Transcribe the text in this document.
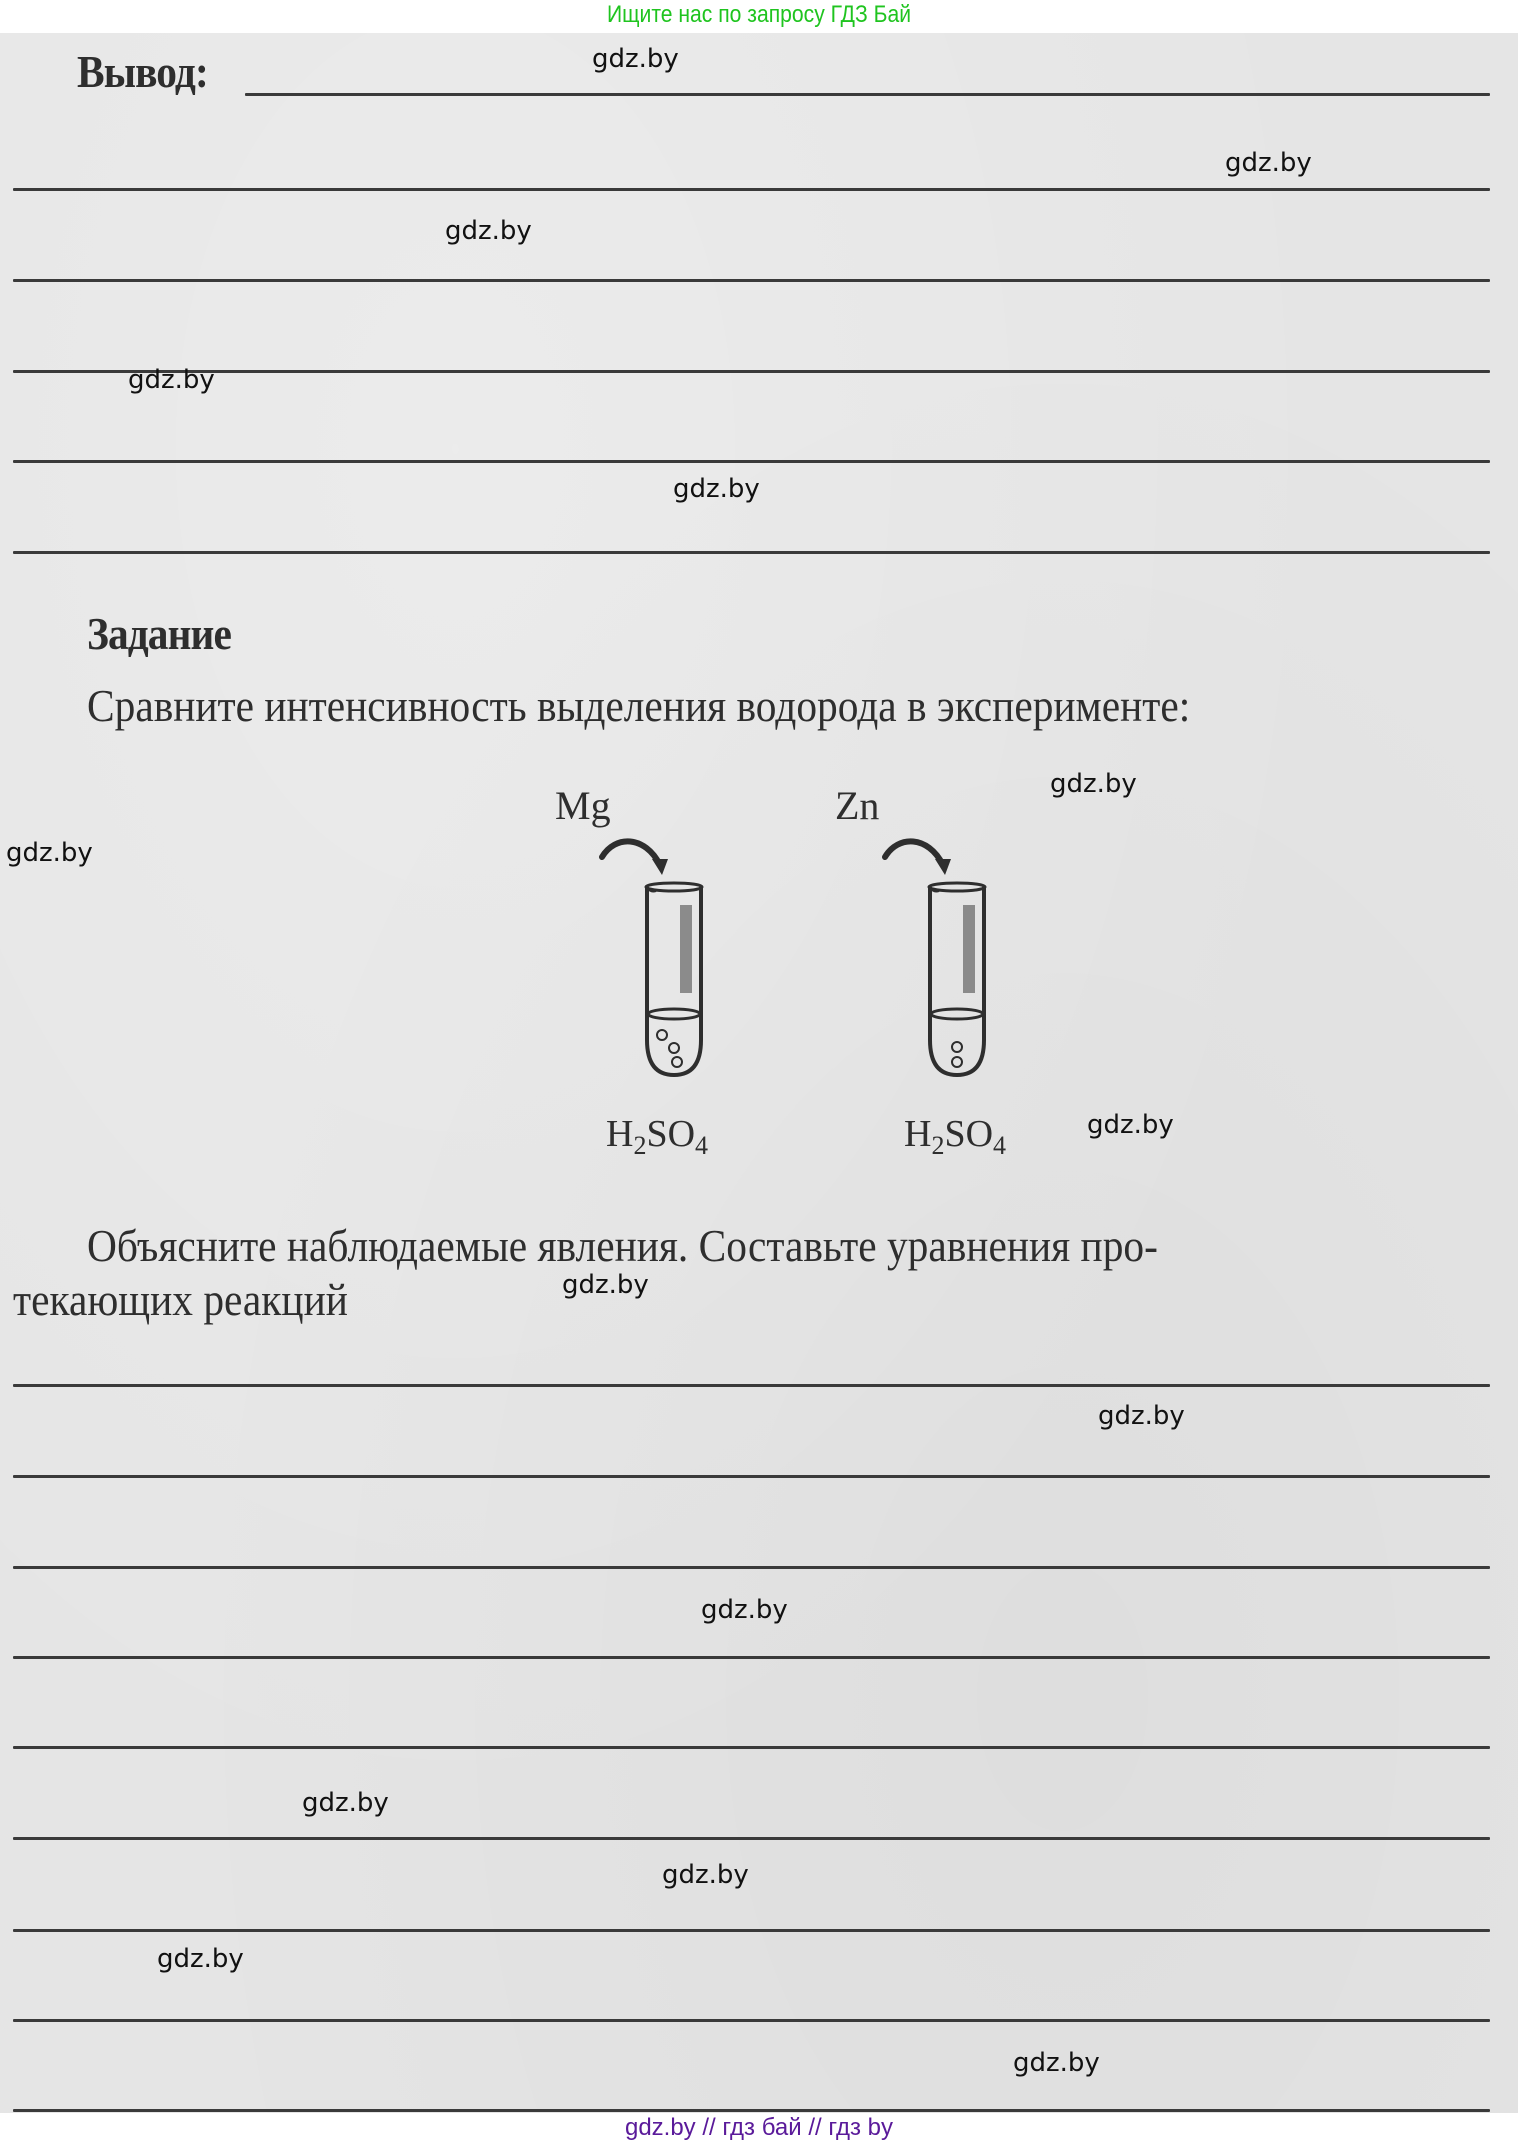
Ищите нас по запросу ГДЗ Бай
Вывод:
Задание
Сравните интенсивность выделения водорода в эксперименте:
Mg	Zn
$H_2SO_4$	$H_2SO_4$
Объясните наблюдаемые явления. Составьте уравнения про-
текающих реакций
gdz.by
gdz.by
gdz.by
gdz.by
gdz.by
gdz.by
gdz.by
gdz.by
gdz.by
gdz.by
gdz.by
gdz.by
gdz.by
gdz.by
gdz.by
gdz.by // гдз бай // гдз by
